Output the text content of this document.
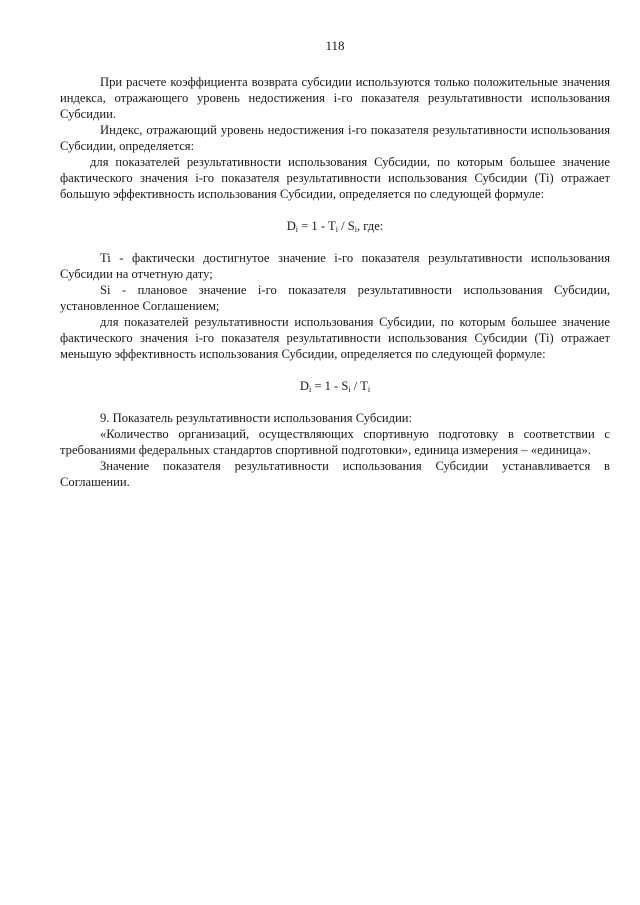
118

При расчете коэффициента возврата субсидии используются только положительные значения индекса, отражающего уровень недостижения i-го показателя результативности использования Субсидии.

Индекс, отражающий уровень недостижения i-го показателя результативности использования Субсидии, определяется:

для показателей результативности использования Субсидии, по которым большее значение фактического значения i-го показателя результативности использования Субсидии (Ti) отражает большую эффективность использования Субсидии, определяется по следующей формуле:

$D_i = 1 - T_i / S_i$, где:

Ti - фактически достигнутое значение i-го показателя результативности использования Субсидии на отчетную дату;

Si - плановое значение i-го показателя результативности использования Субсидии, установленное Соглашением;

для показателей результативности использования Субсидии, по которым большее значение фактического значения i-го показателя результативности использования Субсидии (Ti) отражает меньшую эффективность использования Субсидии, определяется по следующей формуле:

$D_i = 1 - S_i / T_i$

9. Показатель результативности использования Субсидии:

«Количество организаций, осуществляющих спортивную подготовку в соответствии с требованиями федеральных стандартов спортивной подготовки», единица измерения – «единица».

Значение показателя результативности использования Субсидии устанавливается в Соглашении.
